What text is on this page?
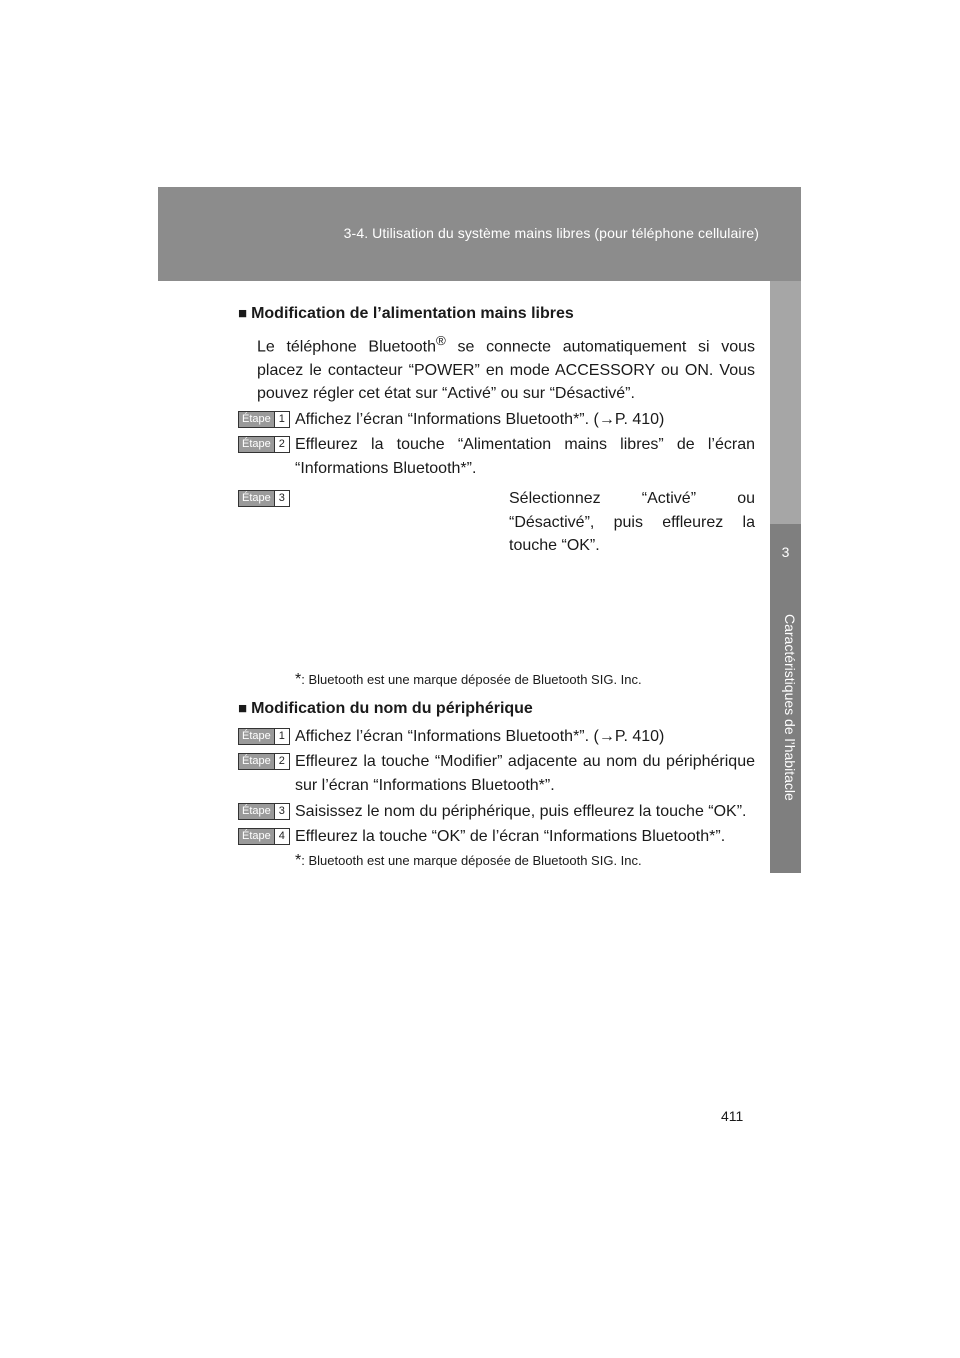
3-4. Utilisation du système mains libres (pour téléphone cellulaire)
3
Caractéristiques de l’habitacle
■ Modification de l’alimentation mains libres
Le téléphone Bluetooth® se connecte automatiquement si vous placez le contacteur “POWER” en mode ACCESSORY ou ON. Vous pouvez régler cet état sur “Activé” ou sur “Désactivé”.
Étape 1 Affichez l’écran “Informations Bluetooth*”. (→P. 410)
Étape 2 Effleurez la touche “Alimentation mains libres” de l’écran “Informations Bluetooth*”.
Étape 3	Sélectionnez “Activé” ou “Désactivé”, puis effleurez la touche “OK”.
*: Bluetooth est une marque déposée de Bluetooth SIG. Inc.
■ Modification du nom du périphérique
Étape 1 Affichez l’écran “Informations Bluetooth*”. (→P. 410)
Étape 2 Effleurez la touche “Modifier” adjacente au nom du périphérique sur l’écran “Informations Bluetooth*”.
Étape 3 Saisissez le nom du périphérique, puis effleurez la touche “OK”.
Étape 4 Effleurez la touche “OK” de l’écran “Informations Bluetooth*”.
*: Bluetooth est une marque déposée de Bluetooth SIG. Inc.
411
